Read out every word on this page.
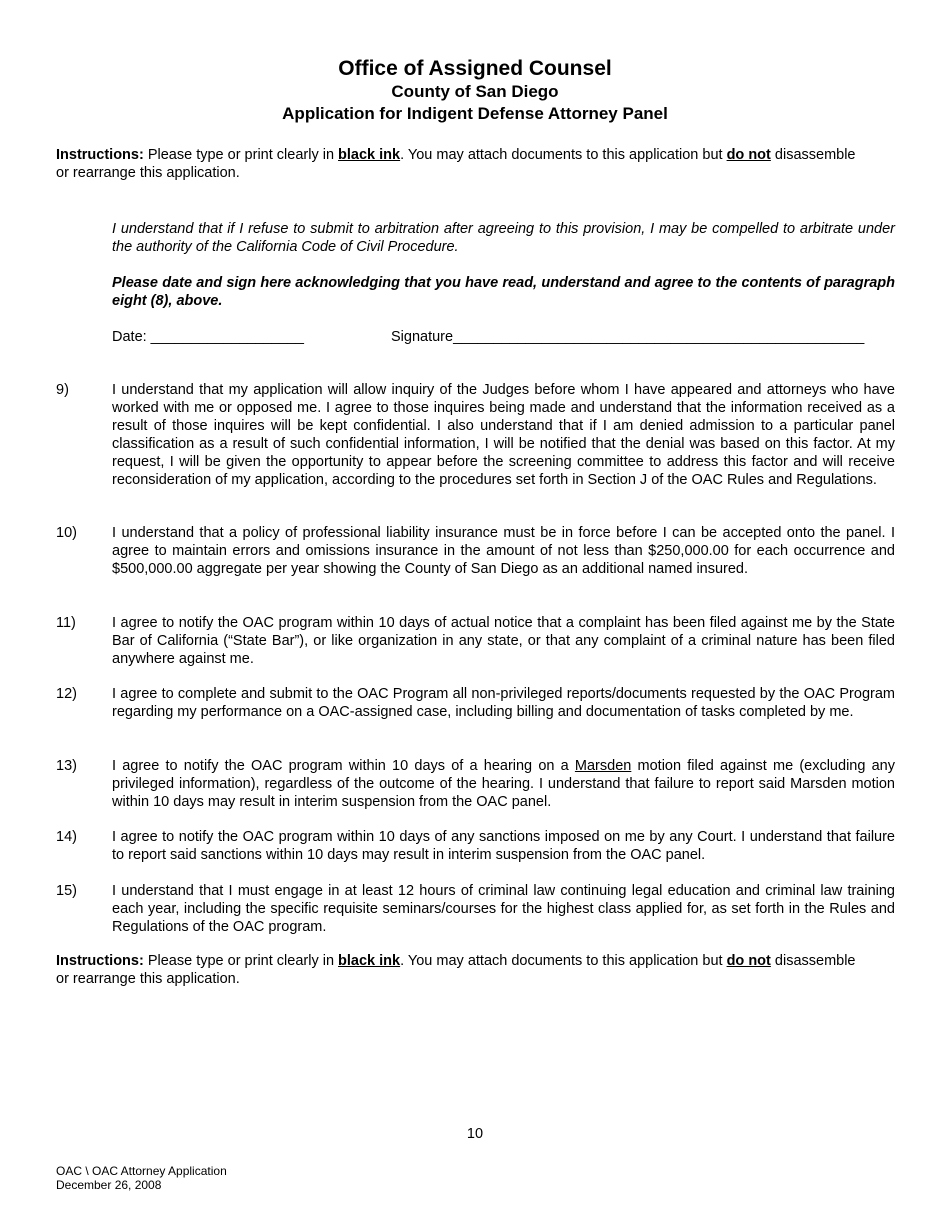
Office of Assigned Counsel
County of San Diego
Application for Indigent Defense Attorney Panel
Instructions: Please type or print clearly in black ink. You may attach documents to this application but do not disassemble or rearrange this application.
I understand that if I refuse to submit to arbitration after agreeing to this provision, I may be compelled to arbitrate under the authority of the California Code of Civil Procedure.
Please date and sign here acknowledging that you have read, understand and agree to the contents of paragraph eight (8), above.
Date: ___________________	Signature___________________________________________________
9)	I understand that my application will allow inquiry of the Judges before whom I have appeared and attorneys who have worked with me or opposed me. I agree to those inquires being made and understand that the information received as a result of those inquires will be kept confidential. I also understand that if I am denied admission to a particular panel classification as a result of such confidential information, I will be notified that the denial was based on this factor. At my request, I will be given the opportunity to appear before the screening committee to address this factor and will receive reconsideration of my application, according to the procedures set forth in Section J of the OAC Rules and Regulations.
10) I understand that a policy of professional liability insurance must be in force before I can be accepted onto the panel. I agree to maintain errors and omissions insurance in the amount of not less than $250,000.00 for each occurrence and $500,000.00 aggregate per year showing the County of San Diego as an additional named insured.
11) I agree to notify the OAC program within 10 days of actual notice that a complaint has been filed against me by the State Bar of California (“State Bar”), or like organization in any state, or that any complaint of a criminal nature has been filed anywhere against me.
12) I agree to complete and submit to the OAC Program all non-privileged reports/documents requested by the OAC Program regarding my performance on a OAC-assigned case, including billing and documentation of tasks completed by me.
13) I agree to notify the OAC program within 10 days of a hearing on a Marsden motion filed against me (excluding any privileged information), regardless of the outcome of the hearing. I understand that failure to report said Marsden motion within 10 days may result in interim suspension from the OAC panel.
14) I agree to notify the OAC program within 10 days of any sanctions imposed on me by any Court. I understand that failure to report said sanctions within 10 days may result in interim suspension from the OAC panel.
15) I understand that I must engage in at least 12 hours of criminal law continuing legal education and criminal law training each year, including the specific requisite seminars/courses for the highest class applied for, as set forth in the Rules and Regulations of the OAC program.
Instructions: Please type or print clearly in black ink. You may attach documents to this application but do not disassemble or rearrange this application.
10
OAC \ OAC Attorney Application
December 26, 2008
